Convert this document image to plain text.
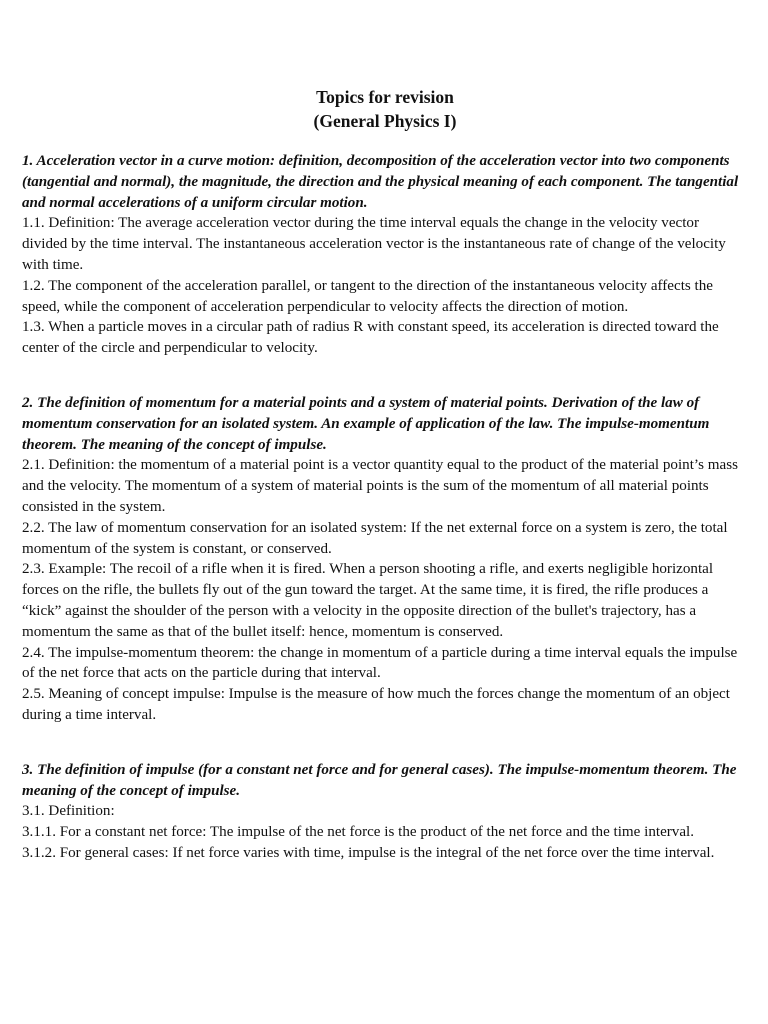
Topics for revision
(General Physics I)

1. Acceleration vector in a curve motion: definition, decomposition of the acceleration vector into two components (tangential and normal), the magnitude, the direction and the physical meaning of each component. The tangential and normal accelerations of a uniform circular motion.

1.1. Definition: The average acceleration vector during the time interval equals the change in the velocity vector divided by the time interval. The instantaneous acceleration vector is the instantaneous rate of change of the velocity with time.

1.2. The component of the acceleration parallel, or tangent to the direction of the instantaneous velocity affects the speed, while the component of acceleration perpendicular to velocity affects the direction of motion.

1.3. When a particle moves in a circular path of radius R with constant speed, its acceleration is directed toward the center of the circle and perpendicular to velocity.

2. The definition of momentum for a material points and a system of material points. Derivation of the law of momentum conservation for an isolated system. An example of application of the law. The impulse-momentum theorem. The meaning of the concept of impulse.

2.1. Definition: the momentum of a material point is a vector quantity equal to the product of the material point’s mass and the velocity. The momentum of a system of material points is the sum of the momentum of all material points consisted in the system.

2.2. The law of momentum conservation for an isolated system: If the net external force on a system is zero, the total momentum of the system is constant, or conserved.

2.3. Example: The recoil of a rifle when it is fired. When a person shooting a rifle, and exerts negligible horizontal forces on the rifle, the bullets fly out of the gun toward the target. At the same time, it is fired, the rifle produces a “kick” against the shoulder of the person with a velocity in the opposite direction of the bullet's trajectory, has a momentum the same as that of the bullet itself: hence, momentum is conserved.

2.4. The impulse-momentum theorem: the change in momentum of a particle during a time interval equals the impulse of the net force that acts on the particle during that interval.

2.5. Meaning of concept impulse: Impulse is the measure of how much the forces change the momentum of an object during a time interval.

3. The definition of impulse (for a constant net force and for general cases). The impulse-momentum theorem. The meaning of the concept of impulse.

3.1. Definition:

3.1.1. For a constant net force: The impulse of the net force is the product of the net force and the time interval.

3.1.2. For general cases: If net force varies with time, impulse is the integral of the net force over the time interval.
